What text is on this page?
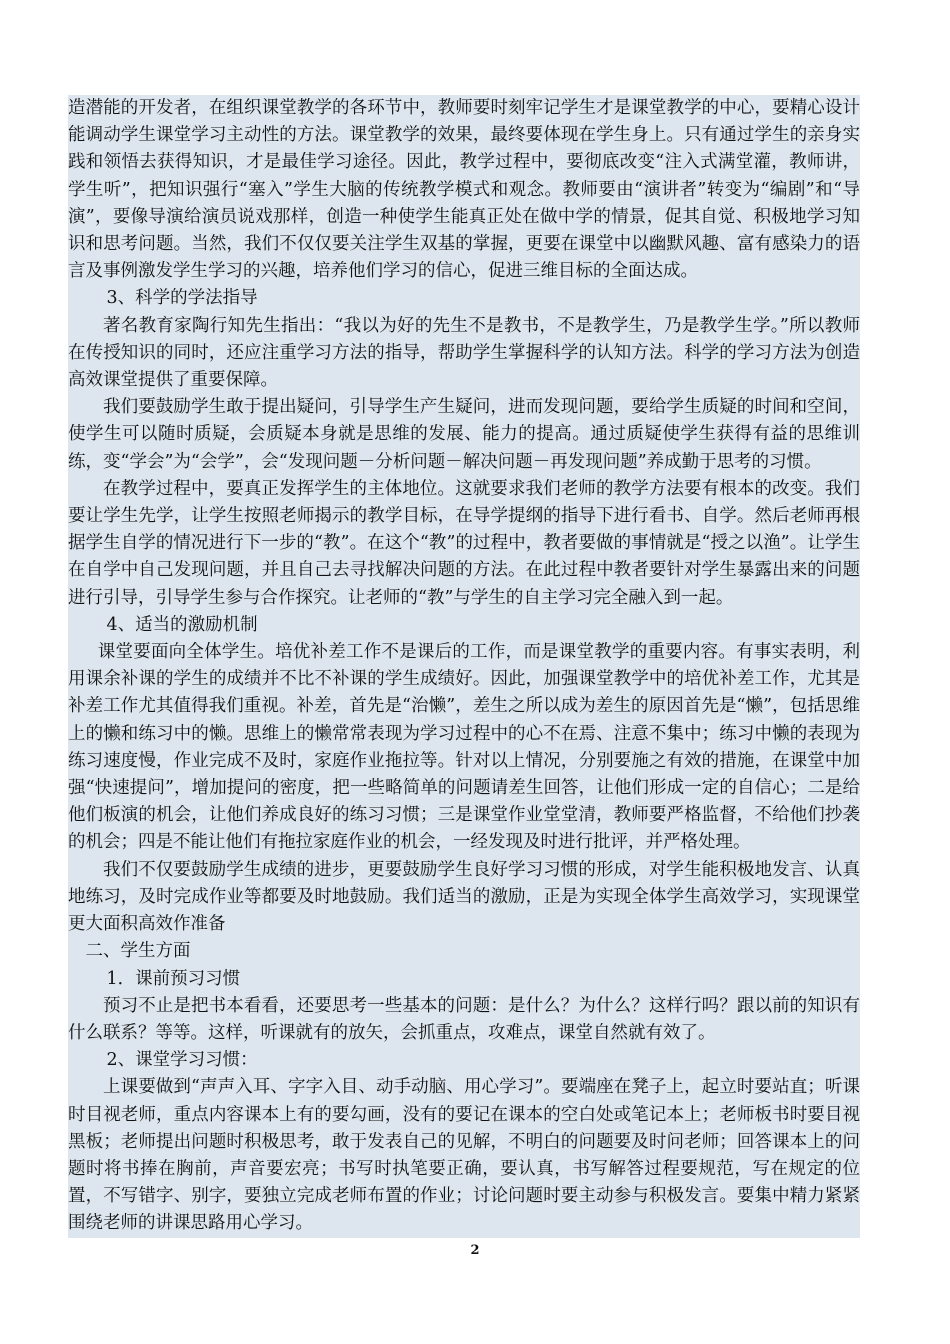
造潜能的开发者，在组织课堂教学的各环节中，教师要时刻牢记学生才是课堂教学的中心，要精心设计能调动学生课堂学习主动性的方法。课堂教学的效果，最终要体现在学生身上。只有通过学生的亲身实践和领悟去获得知识，才是最佳学习途径。因此，教学过程中，要彻底改变“注入式满堂灌，教师讲，学生听”，把知识强行“塞入”学生大脑的传统教学模式和观念。教师要由“演讲者”转变为“编剧”和“导演”，要像导演给演员说戏那样，创造一种使学生能真正处在做中学的情景，促其自觉、积极地学习知识和思考问题。当然，我们不仅仅要关注学生双基的掌握，更要在课堂中以幽默风趣、富有感染力的语言及事例激发学生学习的兴趣，培养他们学习的信心，促进三维目标的全面达成。

3、科学的学法指导

著名教育家陶行知先生指出：“我以为好的先生不是教书，不是教学生，乃是教学生学。”所以教师在传授知识的同时，还应注重学习方法的指导，帮助学生掌握科学的认知方法。科学的学习方法为创造高效课堂提供了重要保障。

我们要鼓励学生敢于提出疑问，引导学生产生疑问，进而发现问题，要给学生质疑的时间和空间，使学生可以随时质疑，会质疑本身就是思维的发展、能力的提高。通过质疑使学生获得有益的思维训练，变“学会”为“会学”，会“发现问题－分析问题－解决问题－再发现问题”养成勤于思考的习惯。

在教学过程中，要真正发挥学生的主体地位。这就要求我们老师的教学方法要有根本的改变。我们要让学生先学，让学生按照老师揭示的教学目标，在导学提纲的指导下进行看书、自学。然后老师再根据学生自学的情况进行下一步的“教”。在这个“教”的过程中，教者要做的事情就是“授之以渔”。让学生在自学中自己发现问题，并且自己去寻找解决问题的方法。在此过程中教者要针对学生暴露出来的问题进行引导，引导学生参与合作探究。让老师的“教”与学生的自主学习完全融入到一起。

4、适当的激励机制

课堂要面向全体学生。培优补差工作不是课后的工作，而是课堂教学的重要内容。有事实表明，利用课余补课的学生的成绩并不比不补课的学生成绩好。因此，加强课堂教学中的培优补差工作，尤其是补差工作尤其值得我们重视。补差，首先是“治懒”，差生之所以成为差生的原因首先是“懒”，包括思维上的懒和练习中的懒。思维上的懒常常表现为学习过程中的心不在焉、注意不集中；练习中懒的表现为练习速度慢，作业完成不及时，家庭作业拖拉等。针对以上情况，分别要施之有效的措施，在课堂中加强“快速提问”，增加提问的密度，把一些略简单的问题请差生回答，让他们形成一定的自信心；二是给他们板演的机会，让他们养成良好的练习习惯；三是课堂作业堂堂清，教师要严格监督，不给他们抄袭的机会；四是不能让他们有拖拉家庭作业的机会，一经发现及时进行批评，并严格处理。

我们不仅要鼓励学生成绩的进步，更要鼓励学生良好学习习惯的形成，对学生能积极地发言、认真地练习，及时完成作业等都要及时地鼓励。我们适当的激励，正是为实现全体学生高效学习，实现课堂更大面积高效作准备

二、学生方面

1．课前预习习惯

预习不止是把书本看看，还要思考一些基本的问题：是什么？为什么？这样行吗？跟以前的知识有什么联系？等等。这样，听课就有的放矢，会抓重点，攻难点，课堂自然就有效了。

2、课堂学习习惯：

上课要做到“声声入耳、字字入目、动手动脑、用心学习”。要端座在凳子上，起立时要站直；听课时目视老师，重点内容课本上有的要勾画，没有的要记在课本的空白处或笔记本上；老师板书时要目视黑板；老师提出问题时积极思考，敢于发表自己的见解，不明白的问题要及时问老师；回答课本上的问题时将书捧在胸前，声音要宏亮；书写时执笔要正确，要认真，书写解答过程要规范，写在规定的位置，不写错字、别字，要独立完成老师布置的作业；讨论问题时要主动参与积极发言。要集中精力紧紧围绕老师的讲课思路用心学习。

2
